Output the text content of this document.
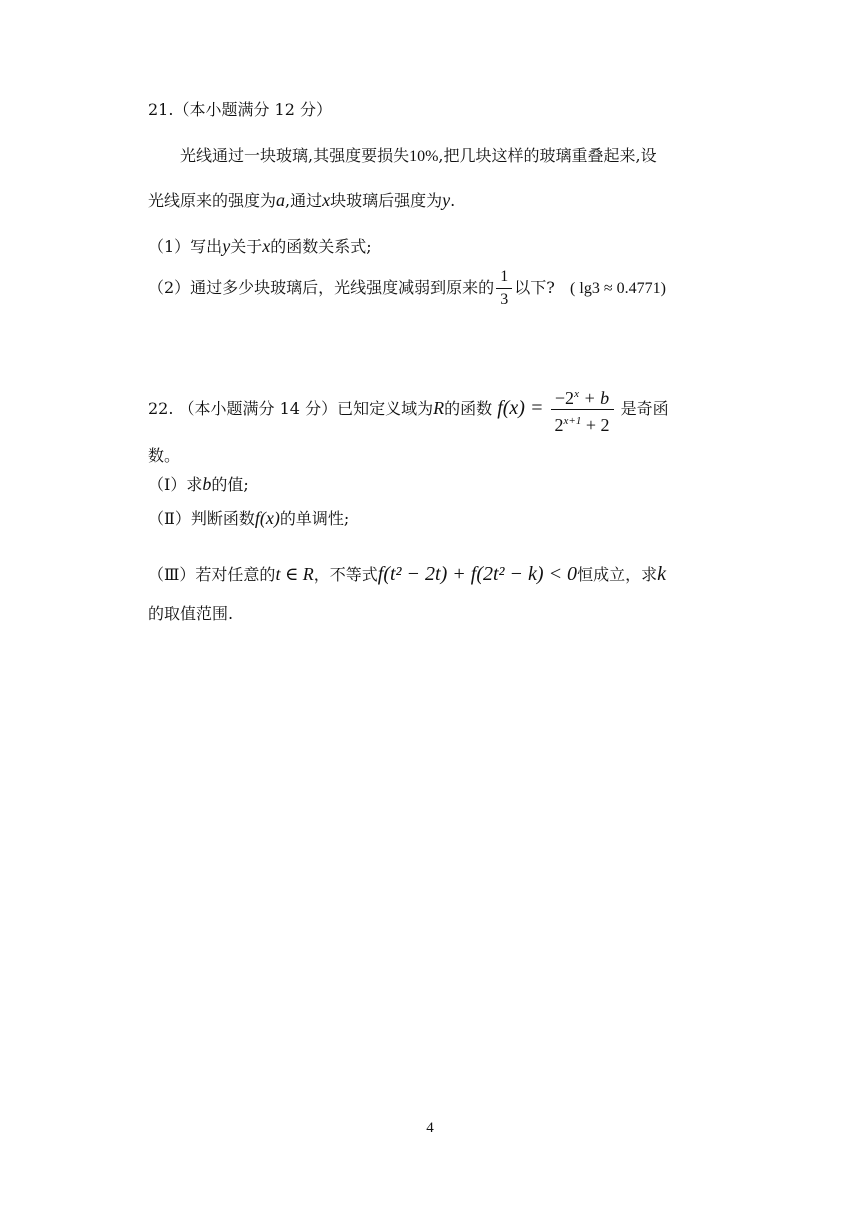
21.（本小题满分 12 分）
光线通过一块玻璃,其强度要损失10%,把几块这样的玻璃重叠起来,设
光线原来的强度为a,通过x块玻璃后强度为y.
（1）写出y关于x的函数关系式;
（2）通过多少块玻璃后，光线强度减弱到原来的 $\frac{1}{3}$ 以下? ( lg3 ≈ 0.4771)
22. （本小题满分 14 分）已知定义域为R的函数 $f(x) = \frac{-2^x + b}{2^{x+1} + 2}$ 是奇函
数。
（Ⅰ）求b的值;
（Ⅱ）判断函数f(x)的单调性;
（Ⅲ）若对任意的t ∈ R，不等式f(t² − 2t) + f(2t² − k) < 0恒成立，求k
的取值范围.
4
